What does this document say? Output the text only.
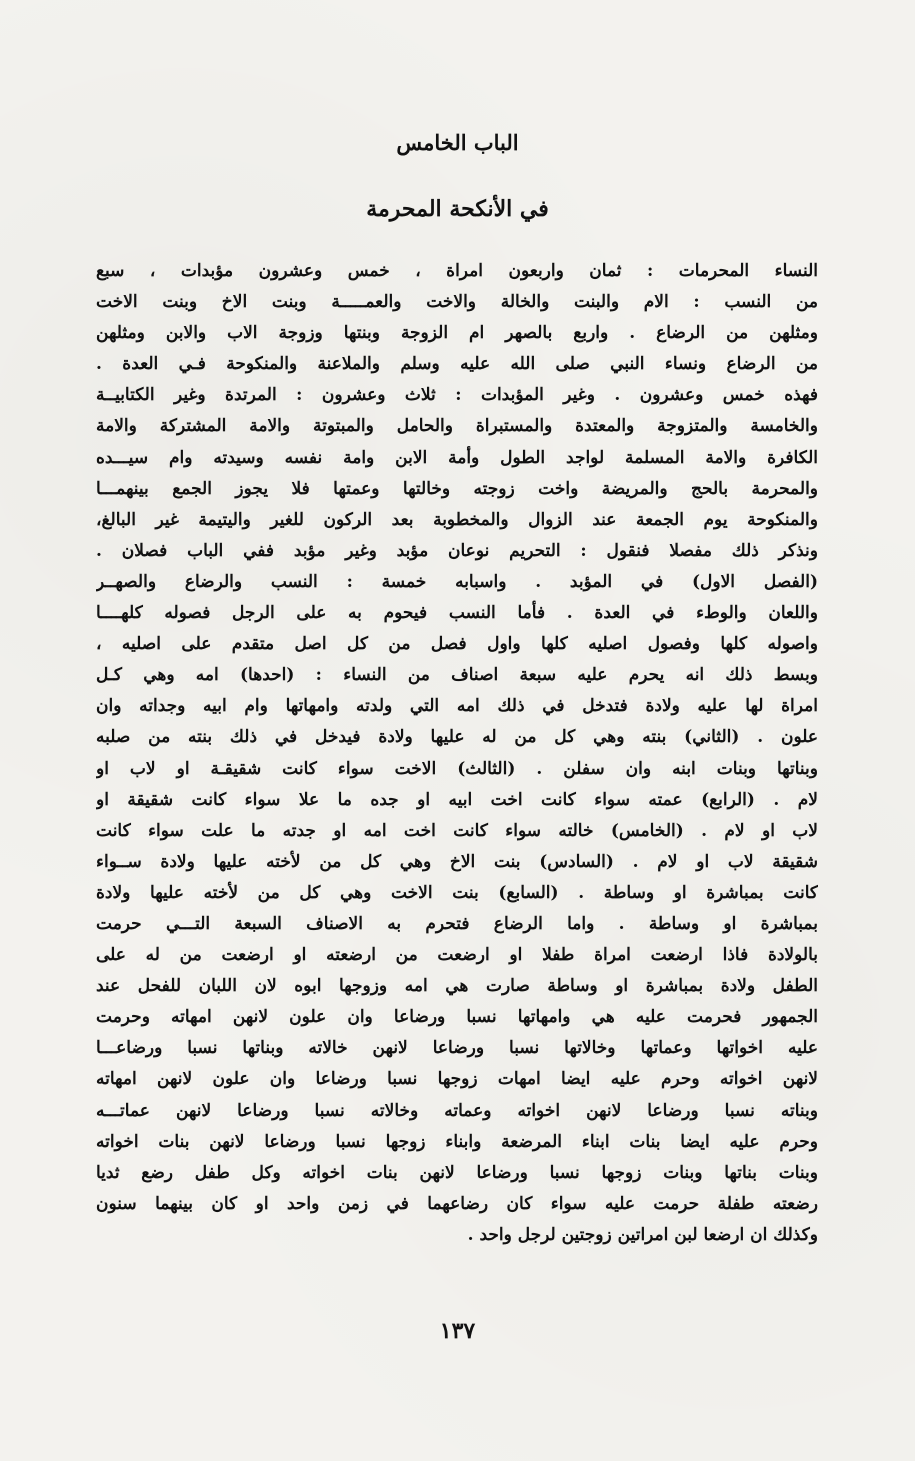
الباب الخامس
في الأنكحة المحرمة
النساء المحرمات : ثمان واربعون امراة ، خمس وعشرون مؤبدات ، سبع
من النسب : الام والبنت والخالة والاخت والعمـــــة وبنت الاخ وبنت الاخت
ومثلهن من الرضاع . واربع بالصهر ام الزوجة وبنتها وزوجة الاب والابن ومثلهن
من الرضاع ونساء النبي صلى الله عليه وسلم والملاعنة والمنكوحة فـي العدة .
فهذه خمس وعشرون . وغير المؤبدات : ثلاث وعشرون : المرتدة وغير الكتابيــة
والخامسة والمتزوجة والمعتدة والمستبراة والحامل والمبتوتة والامة المشتركة والامة
الكافرة والامة المسلمة لواجد الطول وأمة الابن وامة نفسه وسيدته وام سيـــده
والمحرمة بالحج والمريضة واخت زوجته وخالتها وعمتها فلا يجوز الجمع بينهمـــا
والمنكوحة يوم الجمعة عند الزوال والمخطوبة بعد الركون للغير واليتيمة غير البالغ،
ونذكر ذلك مفصلا فنقول : التحريم نوعان مؤبد وغير مؤبد ففي الباب فصلان .
(الفصل الاول) في المؤبد . واسبابه خمسة : النسب والرضاع والصهــر
واللعان والوطء في العدة . فأما النسب فيحوم به على الرجل فصوله كلهــــا
واصوله كلها وفصول اصليه كلها واول فصل من كل اصل متقدم على اصليه ،
وبسط ذلك انه يحرم عليه سبعة اصناف من النساء : (احدها) امه وهي كـل
امراة لها عليه ولادة فتدخل في ذلك امه التي ولدته وامهاتها وام ابيه وجداته وان
علون . (الثاني) بنته وهي كل من له عليها ولادة فيدخل في ذلك بنته من صلبه
وبناتها وبنات ابنه وان سفلن . (الثالث) الاخت سواء كانت شقيقـة او لاب او
لام . (الرابع) عمته سواء كانت اخت ابيه او جده ما علا سواء كانت شقيقة او
لاب او لام . (الخامس) خالته سواء كانت اخت امه او جدته ما علت سواء كانت
شقيقة لاب او لام . (السادس) بنت الاخ وهي كل من لأخته عليها ولادة ســواء
كانت بمباشرة او وساطة . (السابع) بنت الاخت وهي كل من لأخته عليها ولادة
بمباشرة او وساطة . واما الرضاع فتحرم به الاصناف السبعة التـــي حرمت
بالولادة فاذا ارضعت امراة طفلا او ارضعت من ارضعته او ارضعت من له على
الطفل ولادة بمباشرة او وساطة صارت هي امه وزوجها ابوه لان اللبان للفحل عند
الجمهور فحرمت عليه هي وامهاتها نسبا ورضاعا وان علون لانهن امهاته وحرمت
عليه اخواتها وعماتها وخالاتها نسبا ورضاعا لانهن خالاته وبناتها نسبا ورضاعـــا
لانهن اخواته وحرم عليه ايضا امهات زوجها نسبا ورضاعا وان علون لانهن امهاته
وبناته نسبا ورضاعا لانهن اخواته وعماته وخالاته نسبا ورضاعا لانهن عماتـــه
وحرم عليه ايضا بنات ابناء المرضعة وابناء زوجها نسبا ورضاعا لانهن بنات اخواته
وبنات بناتها وبنات زوجها نسبا ورضاعا لانهن بنات اخواته وكل طفل رضع ثديا
رضعته طفلة حرمت عليه سواء كان رضاعهما في زمن واحد او كان بينهما سنون
وكذلك ان ارضعا لبن امراتين زوجتين لرجل واحد .
١٣٧
